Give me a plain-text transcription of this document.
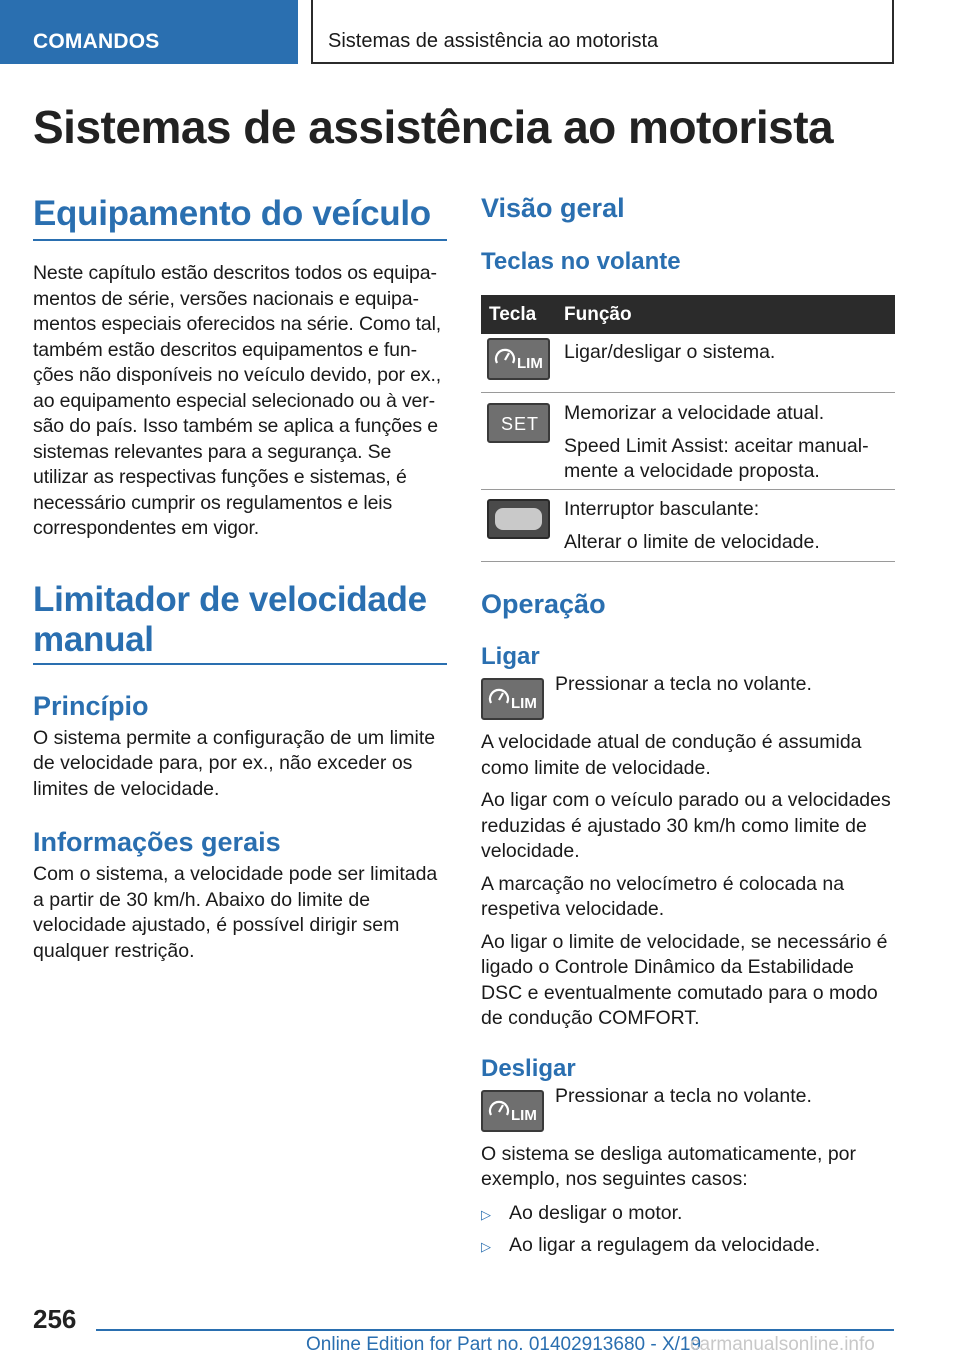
COMANDOS	Sistemas de assistência ao motorista
Sistemas de assistência ao motorista
Equipamento do veículo

Neste capítulo estão descritos todos os equipamentos de série, versões nacionais e equipamentos especiais oferecidos na série. Como tal, também estão descritos equipamentos e funções não disponíveis no veículo devido, por ex., ao equipamento especial selecionado ou à versão do país. Isso também se aplica a funções e sistemas relevantes para a segurança. Se utilizar as respectivas funções e sistemas, é necessário cumprir os regulamentos e leis correspondentes em vigor.

Limitador de velocidade manual
Princípio

O sistema permite a configuração de um limite de velocidade para, por ex., não exceder os limites de velocidade.

Informações gerais

Com o sistema, a velocidade pode ser limitada a partir de 30 km/h. Abaixo do limite de velocidade ajustado, é possível dirigir sem qualquer restrição.

Visão geral
Teclas no volante
Tecla Função
LIM

Ligar/desligar o sistema.

SET Memorizar a velocidade atual.

Speed Limit Assist: aceitar manualmente a velocidade proposta.

Interruptor basculante:

Alterar o limite de velocidade.

Operação
Ligar
LIM

Pressionar a tecla no volante.

A velocidade atual de condução é assumida como limite de velocidade.

Ao ligar com o veículo parado ou a velocidades reduzidas é ajustado 30 km/h como limite de velocidade.

A marcação no velocímetro é colocada na respetiva velocidade.

Ao ligar o limite de velocidade, se necessário é ligado o Controle Dinâmico da Estabilidade DSC e eventualmente comutado para o modo de condução COMFORT.

Desligar
LIM

Pressionar a tecla no volante.

O sistema se desliga automaticamente, por exemplo, nos seguintes casos:

▷ Ao desligar o motor.
▷ Ao ligar a regulagem da velocidade.
256
Online Edition for Part no. 01402913680 - X/19
carmanualsonline.info
